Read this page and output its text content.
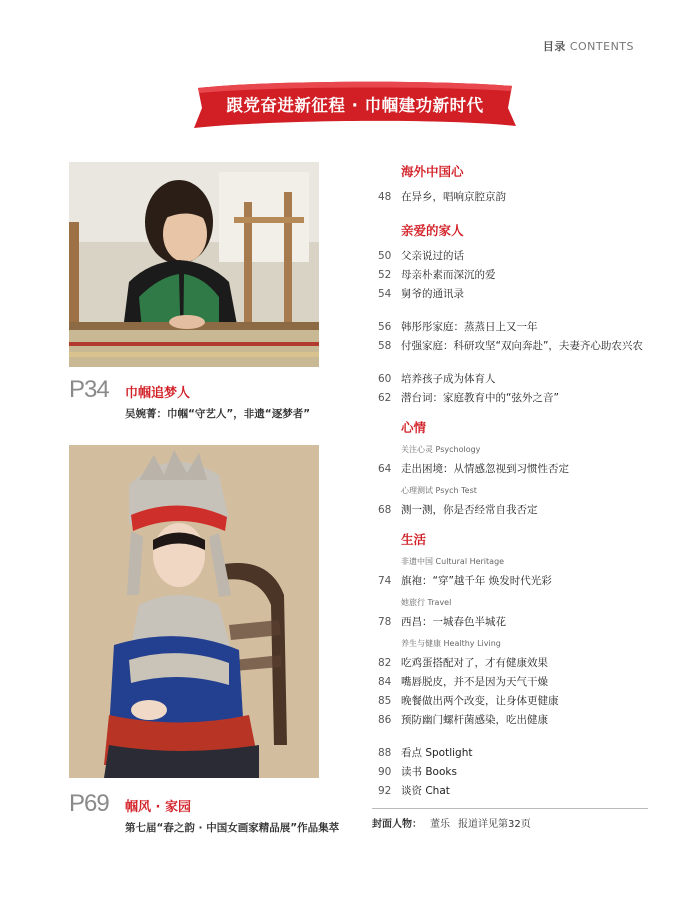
目录 CONTENTS
跟党奋进新征程 · 巾帼建功新时代
P34 巾帼追梦人
吴婉菁：巾帼“守艺人”，非遗“逐梦者”
P69 帼风 · 家园
第七届“春之韵 · 中国女画家精品展”作品集萃
海外中国心
48 在异乡，唱响京腔京韵
亲爱的家人
50 父亲说过的话
52 母亲朴素而深沉的爱
54 舅爷的通讯录
56 韩彤彤家庭：蒸蒸日上又一年
58 付强家庭：科研攻坚“双向奔赴”，夫妻齐心助农兴农
60 培养孩子成为体育人
62 潜台词：家庭教育中的“弦外之音”
心情
关注心灵 Psychology
64 走出困境：从情感忽视到习惯性否定
心理测试 Psych Test
68 测一测，你是否经常自我否定
生活
非遗中国 Cultural Heritage
74 旗袍：“穿”越千年 焕发时代光彩
她旅行 Travel
78 西昌：一城春色半城花
养生与健康 Healthy Living
82 吃鸡蛋搭配对了，才有健康效果
84 嘴唇脱皮，并不是因为天气干燥
85 晚餐做出两个改变，让身体更健康
86 预防幽门螺杆菌感染，吃出健康
88 看点 Spotlight
90 读书 Books
92 谈资 Chat
封面人物： 董乐 报道详见第32页
